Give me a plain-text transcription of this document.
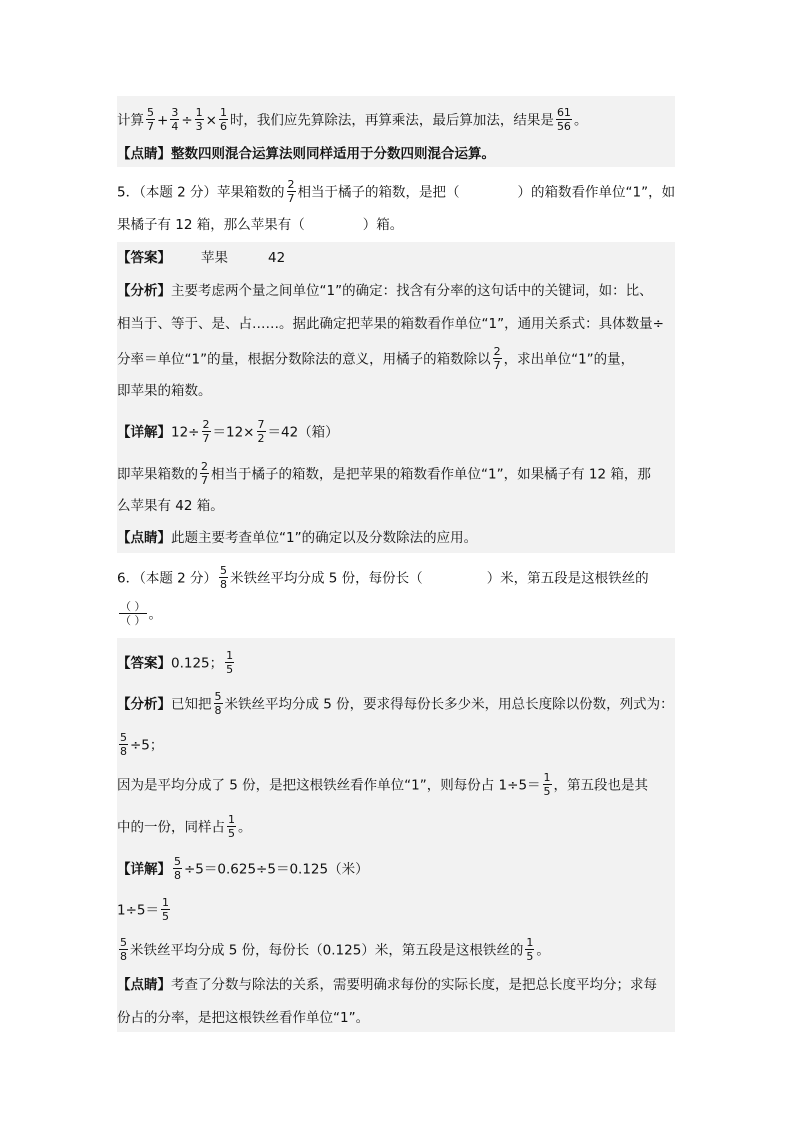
计算 $\frac{5}{7} + \frac{3}{4} \div \frac{1}{3} \times \frac{1}{6}$ 时，我们应先算除法，再算乘法，最后算加法，结果是 $\frac{61}{56}$ 。
【点睛】整数四则混合运算法则同样适用于分数四则混合运算。
5．（本题 2 分）苹果箱数的 $\frac{2}{7}$ 相当于橘子的箱数，是把（	）的箱数看作单位“1”，如
果橘子有 12 箱，那么苹果有（	）箱。
【答案】 苹果	42
【分析】主要考虑两个量之间单位“1”的确定：找含有分率的这句话中的关键词，如：比、
相当于、等于、是、占……。据此确定把苹果的箱数看作单位“1”，通用关系式：具体数量÷
分率＝单位“1”的量，根据分数除法的意义，用橘子的箱数除以 $\frac{2}{7}$ ，求出单位“1”的量，
即苹果的箱数。
【详解】$12\div \frac{2}{7} =12\times \frac{7}{2} =42$（箱）
即苹果箱数的 $\frac{2}{7}$ 相当于橘子的箱数，是把苹果的箱数看作单位“1”，如果橘子有 12 箱，那
么苹果有 42 箱。
【点睛】此题主要考查单位“1”的确定以及分数除法的应用。
6．（本题 2 分） $\frac{5}{8}$ 米铁丝平均分成 5 份，每份长（	）米，第五段是这根铁丝的
$\frac{( )}{( )}$ 。
【答案】0.125； $\frac{1}{5}$
【分析】已知把 $\frac{5}{8}$ 米铁丝平均分成 5 份，要求得每份长多少米，用总长度除以份数，列式为：
$\frac{5}{8} \div 5$；
因为是平均分成了 5 份，是把这根铁丝看作单位“1”，则每份占 $1\div 5= \frac{1}{5}$ ，第五段也是其
中的一份，同样占 $\frac{1}{5}$ 。
【详解】 $\frac{5}{8} \div 5=0.625\div 5=0.125$（米）
$1\div 5= \frac{1}{5}$
$\frac{5}{8}$ 米铁丝平均分成 5 份，每份长（0.125）米，第五段是这根铁丝的 $\frac{1}{5}$ 。
【点睛】考查了分数与除法的关系，需要明确求每份的实际长度，是把总长度平均分；求每
份占的分率，是把这根铁丝看作单位“1”。
